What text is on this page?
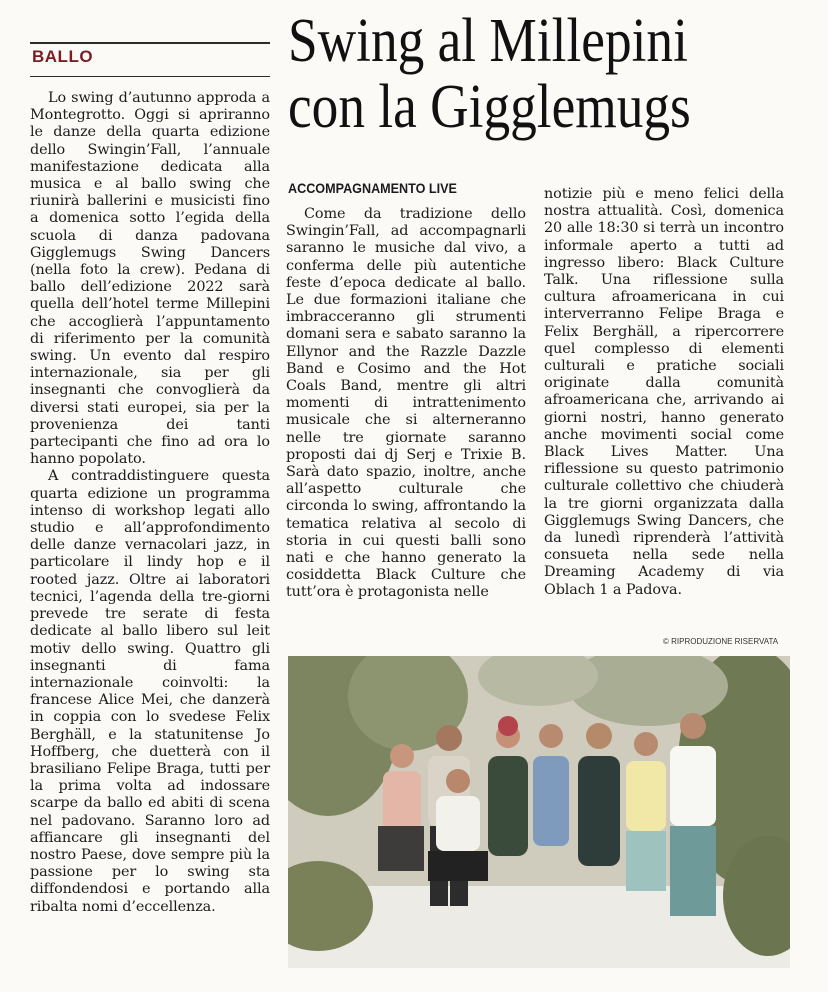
BALLO	Swing al Millepini
con la Gigglemugs

Lo swing d’autunno approda a Montegrotto. Oggi si apriranno le danze della quarta edizione dello Swingin’Fall, l’annuale manifestazione dedicata alla musica e al ballo swing che riunirà ballerini e musicisti fino a domenica sotto l’egida della scuola di danza padovana Gigglemugs Swing Dancers (nella foto la crew). Pedana di ballo dell’edizione 2022 sarà quella dell’hotel terme Millepini che accoglierà l’appuntamento di riferimento per la comunità swing. Un evento dal respiro internazionale, sia per gli insegnanti che convoglierà da diversi stati europei, sia per la provenienza dei tanti partecipanti che fino ad ora lo hanno popolato.

A contraddistinguere questa quarta edizione un programma intenso di workshop legati allo studio e all’approfondimento delle danze vernacolari jazz, in particolare il lindy hop e il rooted jazz. Oltre ai laboratori tecnici, l’agenda della tre-giorni prevede tre serate di festa dedicate al ballo libero sul leit motiv dello swing. Quattro gli insegnanti di fama internazionale coinvolti: la francese Alice Mei, che danzerà in coppia con lo svedese Felix Berghäll, e la statunitense Jo Hoffberg, che duetterà con il brasiliano Felipe Braga, tutti per la prima volta ad indossare scarpe da ballo ed abiti di scena nel padovano. Saranno loro ad affiancare gli insegnanti del nostro Paese, dove sempre più la passione per lo swing sta diffondendosi e portando alla ribalta nomi d’eccellenza.

ACCOMPAGNAMENTO LIVE

Come da tradizione dello Swingin’Fall, ad accompagnarli saranno le musiche dal vivo, a conferma delle più autentiche feste d’epoca dedicate al ballo. Le due formazioni italiane che imbracceranno gli strumenti domani sera e sabato saranno la Ellynor and the Razzle Dazzle Band e Cosimo and the Hot Coals Band, mentre gli altri momenti di intrattenimento musicale che si alterneranno nelle tre giornate saranno proposti dai dj Serj e Trixie B. Sarà dato spazio, inoltre, anche all’aspetto culturale che circonda lo swing, affrontando la tematica relativa al secolo di storia in cui questi balli sono nati e che hanno generato la cosiddetta Black Culture che tutt’ora è protagonista nelle

notizie più e meno felici della nostra attualità. Così, domenica 20 alle 18:30 si terrà un incontro informale aperto a tutti ad ingresso libero: Black Culture Talk. Una riflessione sulla cultura afroamericana in cui interverranno Felipe Braga e Felix Berghäll, a ripercorrere quel complesso di elementi culturali e pratiche sociali originate dalla comunità afroamericana che, arrivando ai giorni nostri, hanno generato anche movimenti social come Black Lives Matter. Una riflessione su questo patrimonio culturale collettivo che chiuderà la tre giorni organizzata dalla Gigglemugs Swing Dancers, che da lunedì riprenderà l’attività consueta nella sede nella Dreaming Academy di via Oblach 1 a Padova.

© RIPRODUZIONE RISERVATA
